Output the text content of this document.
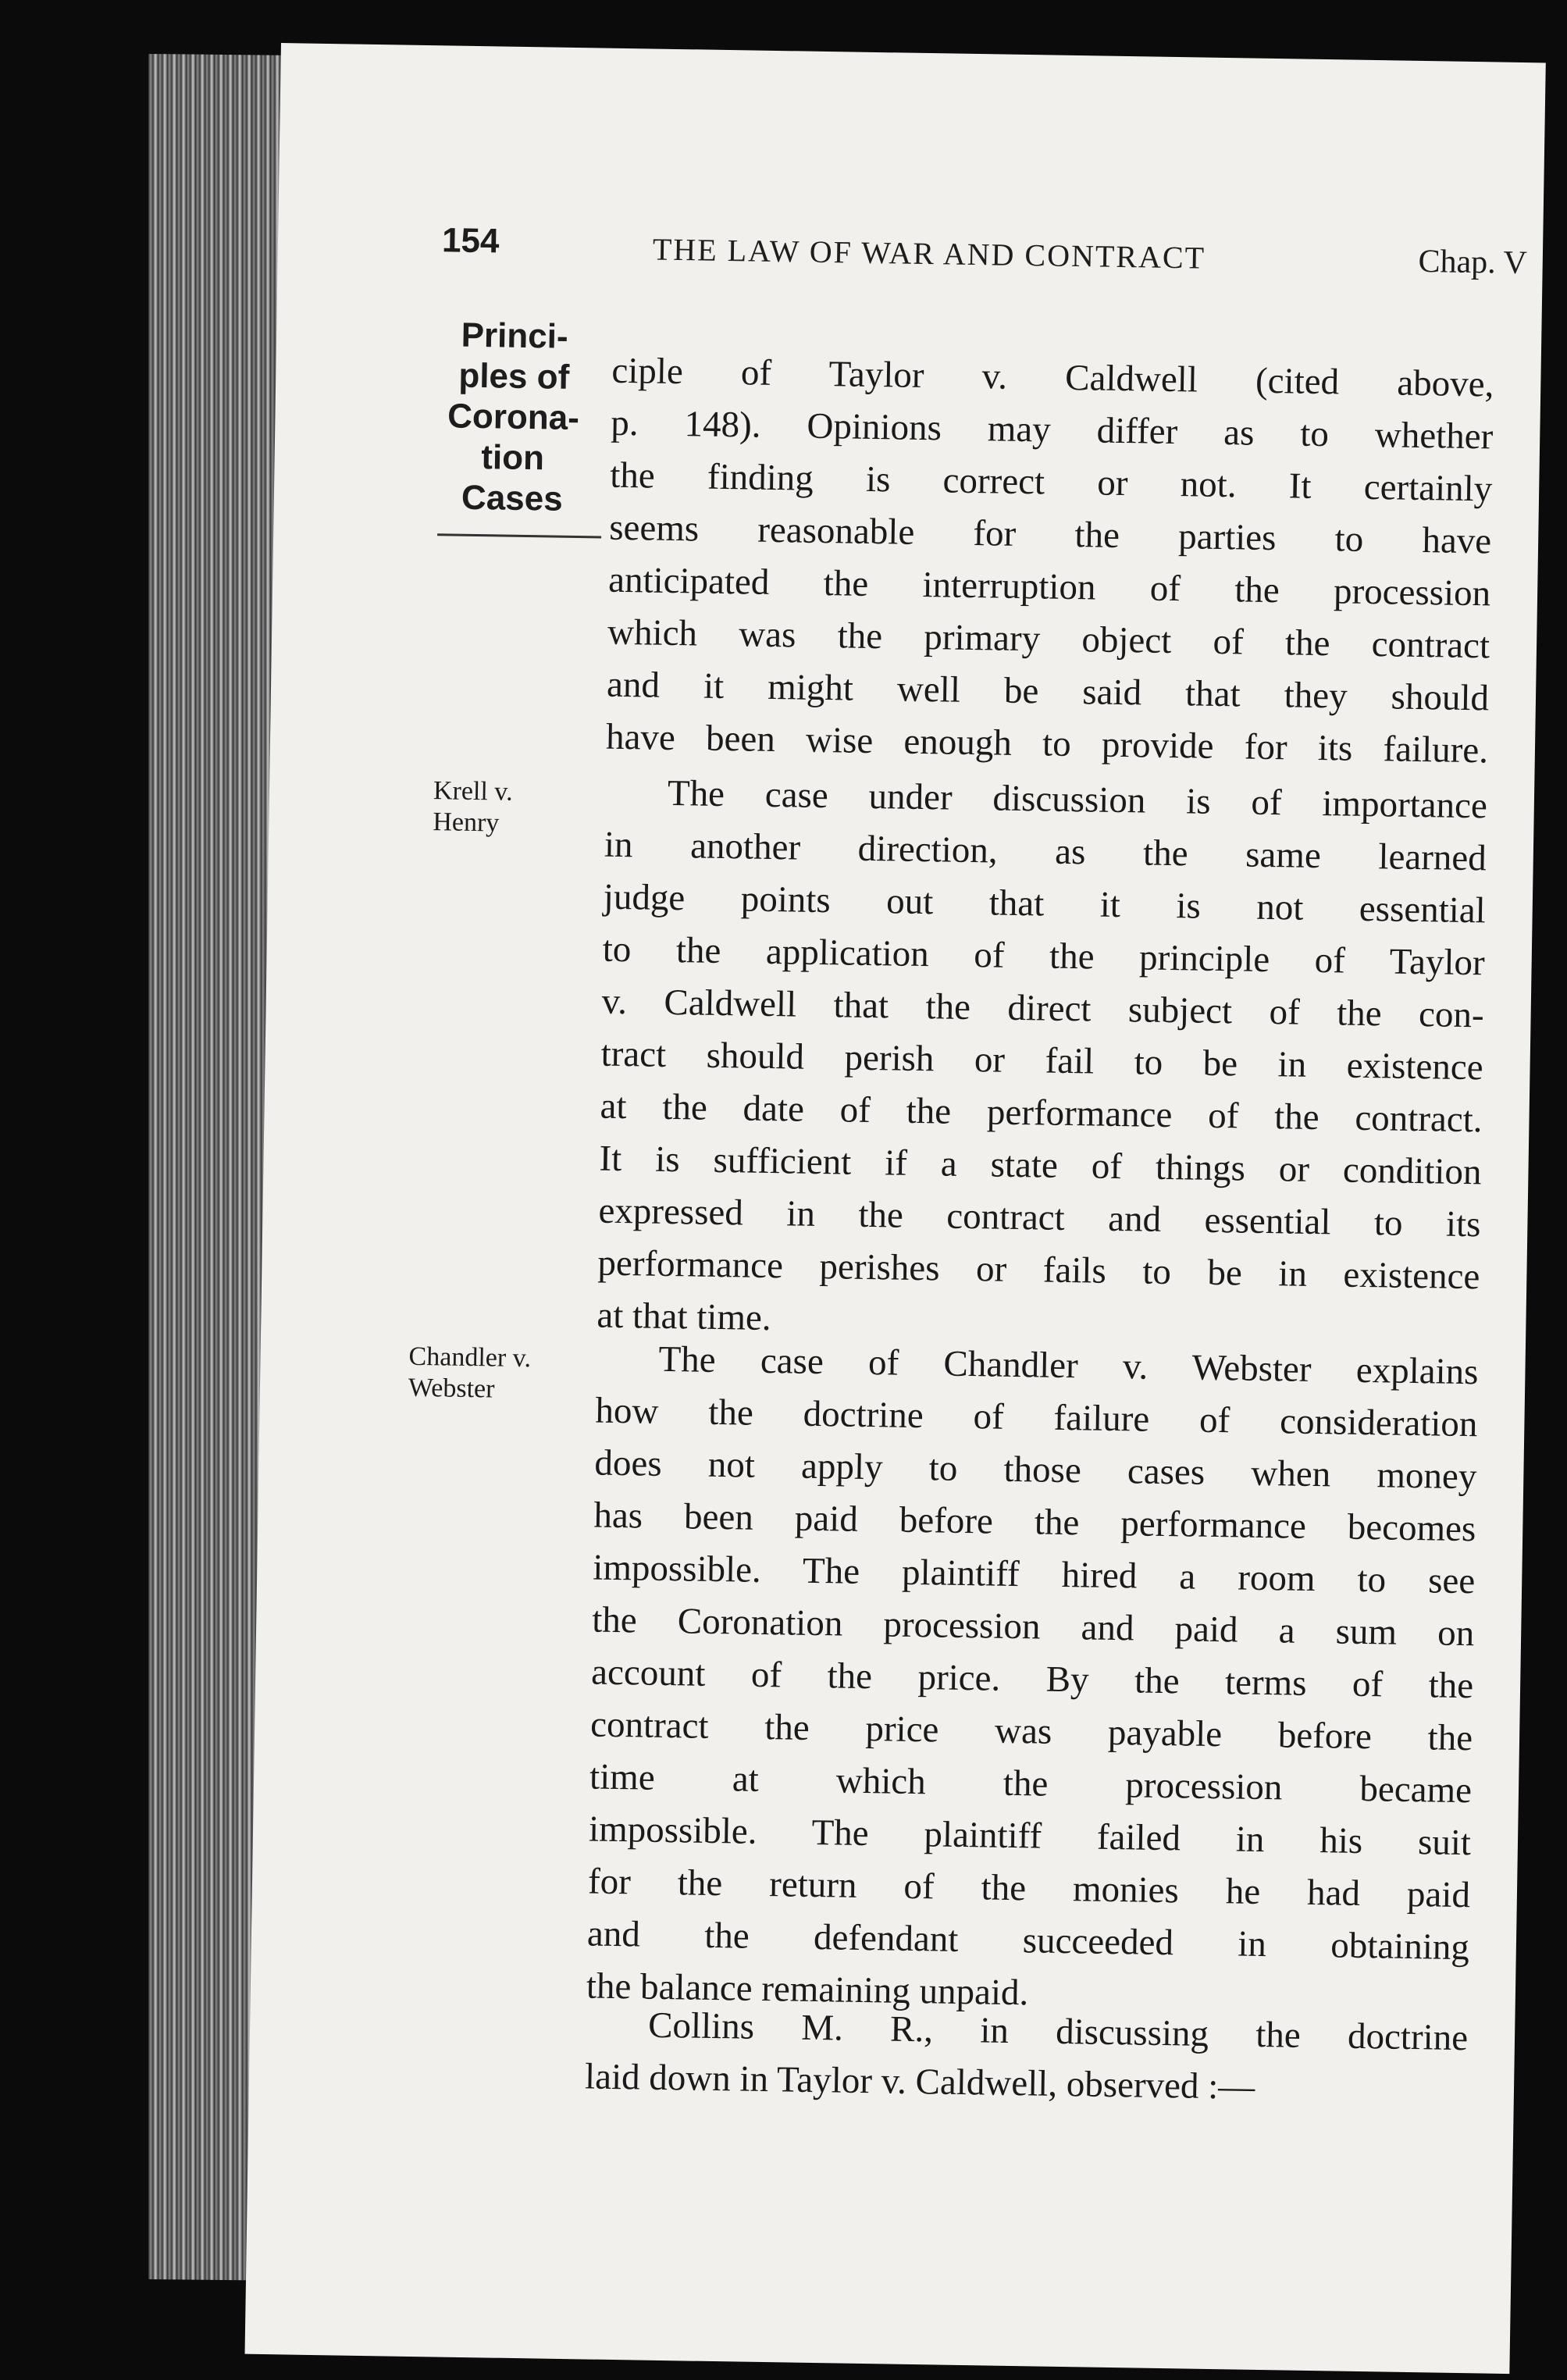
154	THE LAW OF WAR AND CONTRACT	Chap. V
Princi-
ples of
Corona-
tion
Cases
Krell v.
Henry
Chandler v.
Webster
ciple of Taylor v. Caldwell (cited above,
p. 148). Opinions may differ as to whether
the finding is correct or not. It certainly
seems reasonable for the parties to have
anticipated the interruption of the procession
which was the primary object of the contract
and it might well be said that they should
have been wise enough to provide for its failure.
The case under discussion is of importance
in another direction, as the same learned
judge points out that it is not essential
to the application of the principle of Taylor
v. Caldwell that the direct subject of the con-
tract should perish or fail to be in existence
at the date of the performance of the contract.
It is sufficient if a state of things or condition
expressed in the contract and essential to its
performance perishes or fails to be in existence
at that time.
The case of Chandler v. Webster explains
how the doctrine of failure of consideration
does not apply to those cases when money
has been paid before the performance becomes
impossible. The plaintiff hired a room to see
the Coronation procession and paid a sum on
account of the price. By the terms of the
contract the price was payable before the
time at which the procession became
impossible. The plaintiff failed in his suit
for the return of the monies he had paid
and the defendant succeeded in obtaining
the balance remaining unpaid.
Collins M. R., in discussing the doctrine
laid down in Taylor v. Caldwell, observed :—
